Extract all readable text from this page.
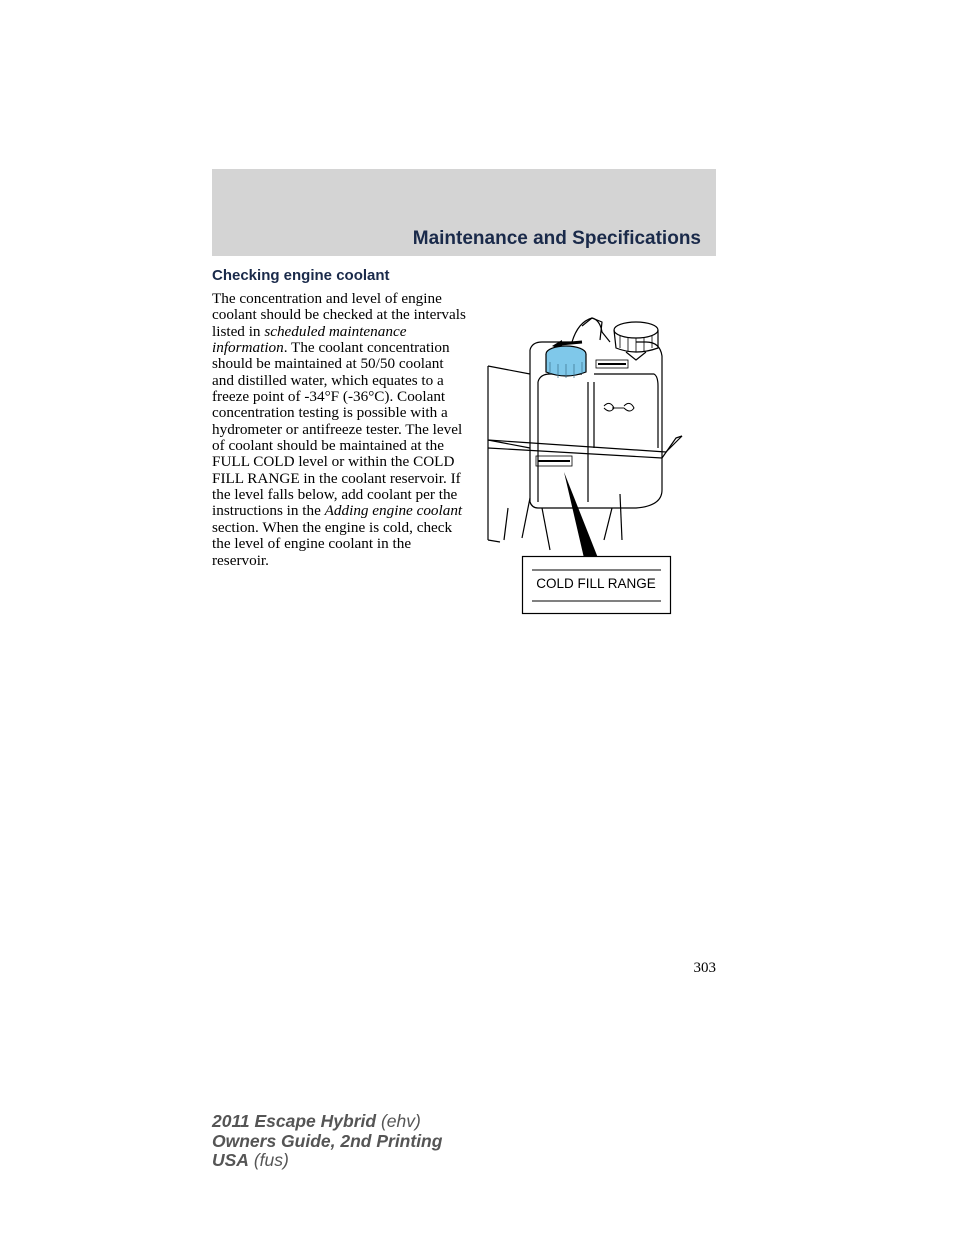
Maintenance and Specifications
Checking engine coolant

The concentration and level of engine coolant should be checked at the intervals listed in scheduled maintenance information. The coolant concentration should be maintained at 50/50 coolant and distilled water, which equates to a freeze point of -34°F (-36°C). Coolant concentration testing is possible with a hydrometer or antifreeze tester. The level of coolant should be maintained at the FULL COLD level or within the COLD FILL RANGE in the coolant reservoir. If the level falls below, add coolant per the instructions in the Adding engine coolant section. When the engine is cold, check the level of engine coolant in the reservoir.

COLD FILL RANGE
303
2011 Escape Hybrid (ehv)
Owners Guide, 2nd Printing
USA (fus)
